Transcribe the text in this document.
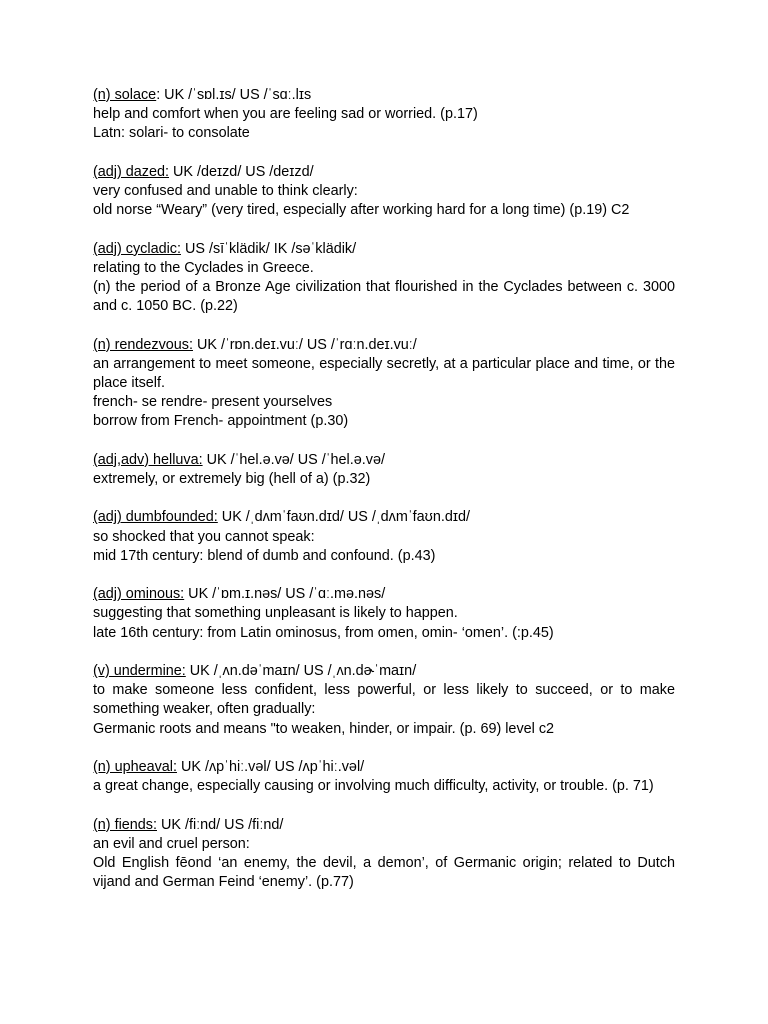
(n) solace: UK /ˈsɒl.ɪs/ US /ˈsɑː.lɪs
help and comfort when you are feeling sad or worried. (p.17)
Latn: solari- to consolate
(adj) dazed: UK /deɪzd/ US /deɪzd/
very confused and unable to think clearly:
old norse “Weary” (very tired, especially after working hard for a long time) (p.19) C2
(adj) cycladic: US /sīˈklädik/ IK /səˈklädik/
relating to the Cyclades in Greece.
(n) the period of a Bronze Age civilization that flourished in the Cyclades between c. 3000 and c. 1050 BC. (p.22)
(n) rendezvous: UK /ˈrɒn.deɪ.vuː/ US /ˈrɑːn.deɪ.vuː/
an arrangement to meet someone, especially secretly, at a particular place and time, or the place itself.
french- se rendre- present yourselves
borrow from French- appointment (p.30)
(adj,adv) helluva: UK /ˈhel.ə.və/ US /ˈhel.ə.və/
extremely, or extremely big (hell of a) (p.32)
(adj) dumbfounded: UK /ˌdʌmˈfaʊn.dɪd/ US /ˌdʌmˈfaʊn.dɪd/
so shocked that you cannot speak:
mid 17th century: blend of dumb and confound. (p.43)
(adj) ominous: UK /ˈɒm.ɪ.nəs/ US /ˈɑː.mə.nəs/
suggesting that something unpleasant is likely to happen.
late 16th century: from Latin ominosus, from omen, omin- ‘omen’. (:p.45)
(v) undermine: UK /ˌʌn.dəˈmaɪn/ US /ˌʌn.dɚˈmaɪn/
to make someone less confident, less powerful, or less likely to succeed, or to make something weaker, often gradually:
Germanic roots and means "to weaken, hinder, or impair. (p. 69) level c2
(n) upheaval: UK /ʌpˈhiː.vəl/ US /ʌpˈhiː.vəl/
a great change, especially causing or involving much difficulty, activity, or trouble. (p. 71)
(n) fiends: UK /fiːnd/ US /fiːnd/
an evil and cruel person:
Old English fēond ‘an enemy, the devil, a demon’, of Germanic origin; related to Dutch vijand and German Feind ‘enemy’. (p.77)
